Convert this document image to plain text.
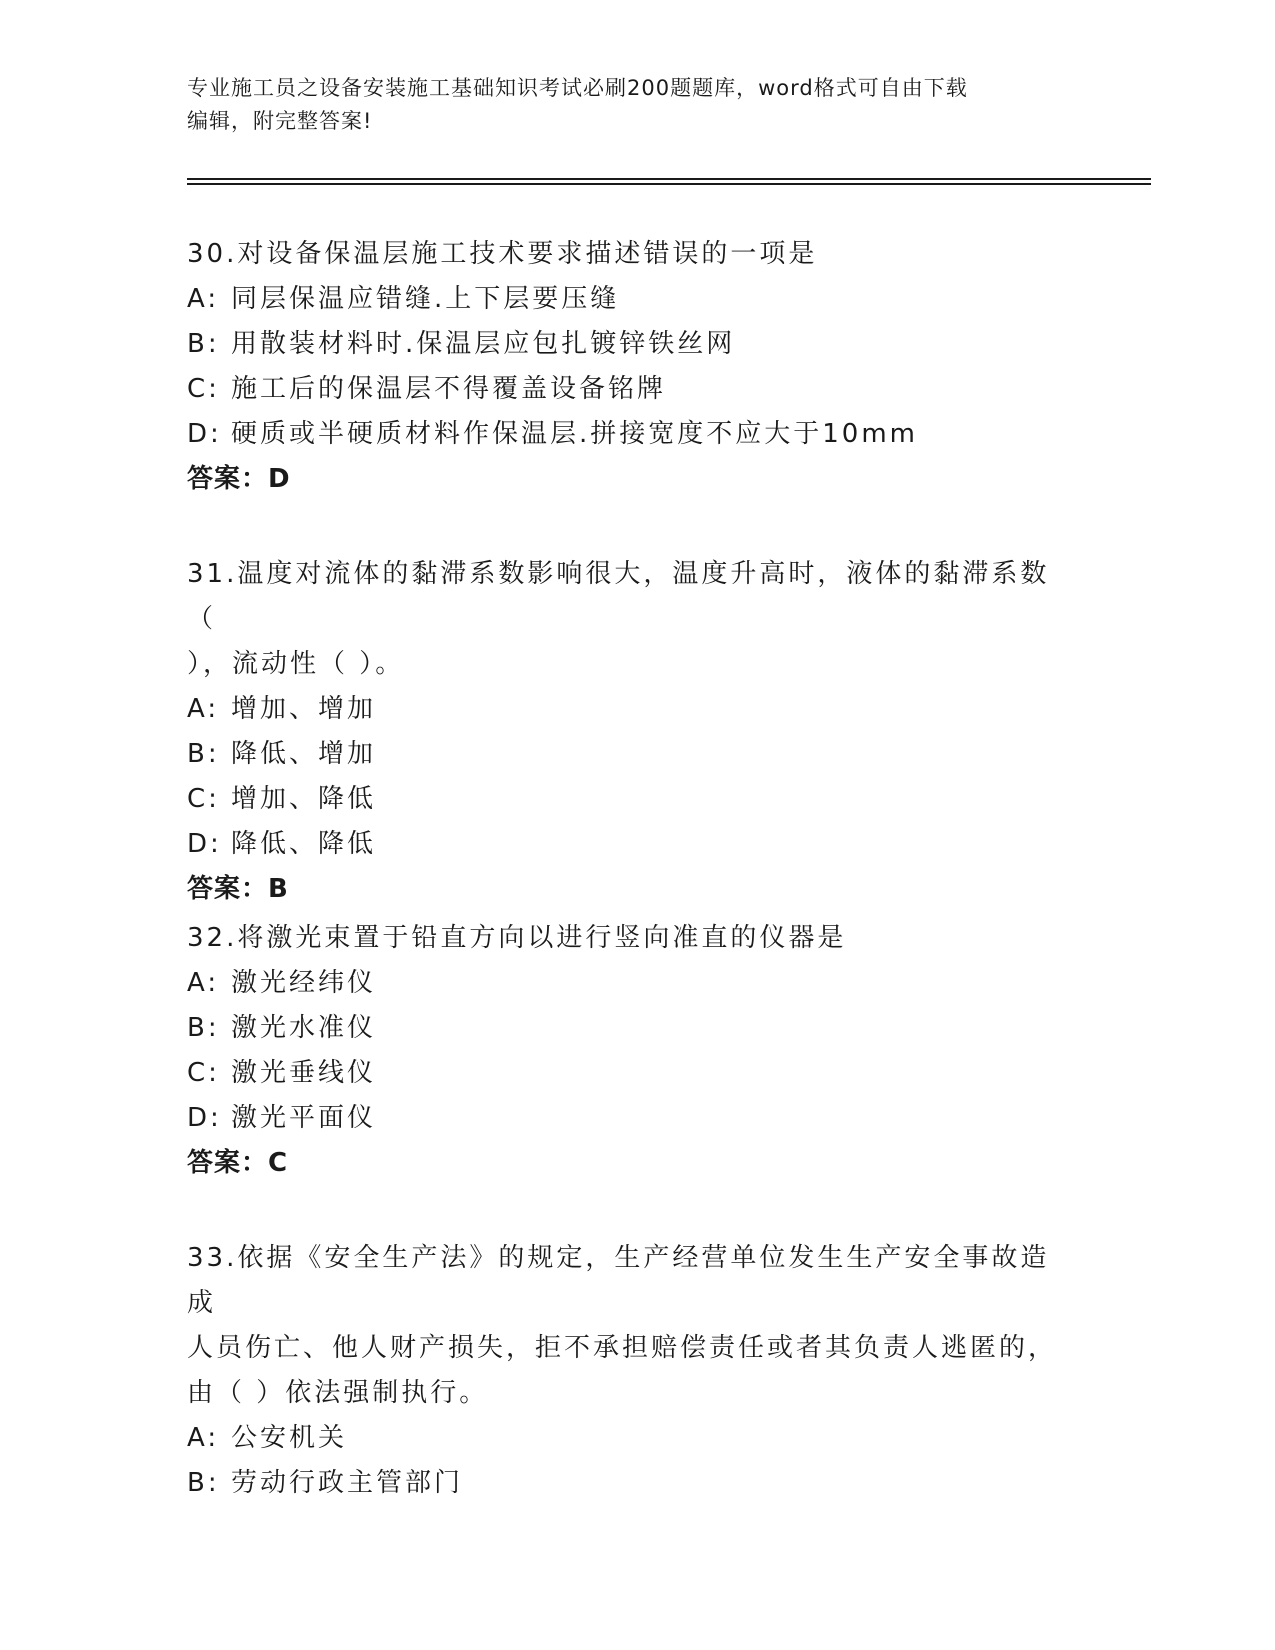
专业施工员之设备安装施工基础知识考试必刷200题题库，word格式可自由下载
编辑，附完整答案!
30.对设备保温层施工技术要求描述错误的一项是
A: 同层保温应错缝.上下层要压缝
B: 用散装材料时.保温层应包扎镀锌铁丝网
C: 施工后的保温层不得覆盖设备铭牌
D: 硬质或半硬质材料作保温层.拼接宽度不应大于10mm
答案：D
31.温度对流体的黏滞系数影响很大，温度升高时，液体的黏滞系数（
），流动性（ ）。
A: 增加、增加
B: 降低、增加
C: 增加、降低
D: 降低、降低
答案：B
32.将激光束置于铅直方向以进行竖向准直的仪器是
A: 激光经纬仪
B: 激光水准仪
C: 激光垂线仪
D: 激光平面仪
答案：C
33.依据《安全生产法》的规定，生产经营单位发生生产安全事故造成
人员伤亡、他人财产损失，拒不承担赔偿责任或者其负责人逃匿的，
由（ ）依法强制执行。
A: 公安机关
B: 劳动行政主管部门
